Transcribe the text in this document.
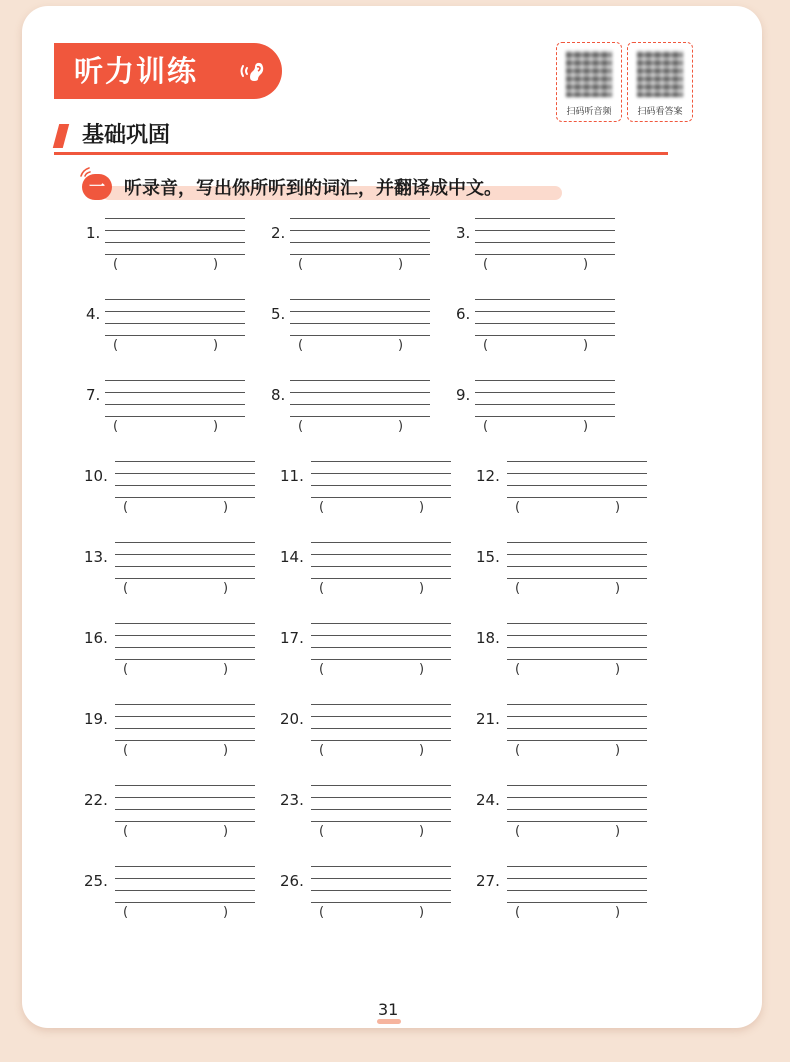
听力训练
扫码听音频	扫码看答案
基础巩固
一	听录音，写出你所听到的词汇，并翻译成中文。
1.
(	)
2.
(	)
3.
(	)
4.
(	)
5.
(	)
6.
(	)
7.
(	)
8.
(	)
9.
(	)
10.
(	)
11.
(	)
12.
(	)
13.
(	)
14.
(	)
15.
(	)
16.
(	)
17.
(	)
18.
(	)
19.
(	)
20.
(	)
21.
(	)
22.
(	)
23.
(	)
24.
(	)
25.
(	)
26.
(	)
27.
(	)
31
